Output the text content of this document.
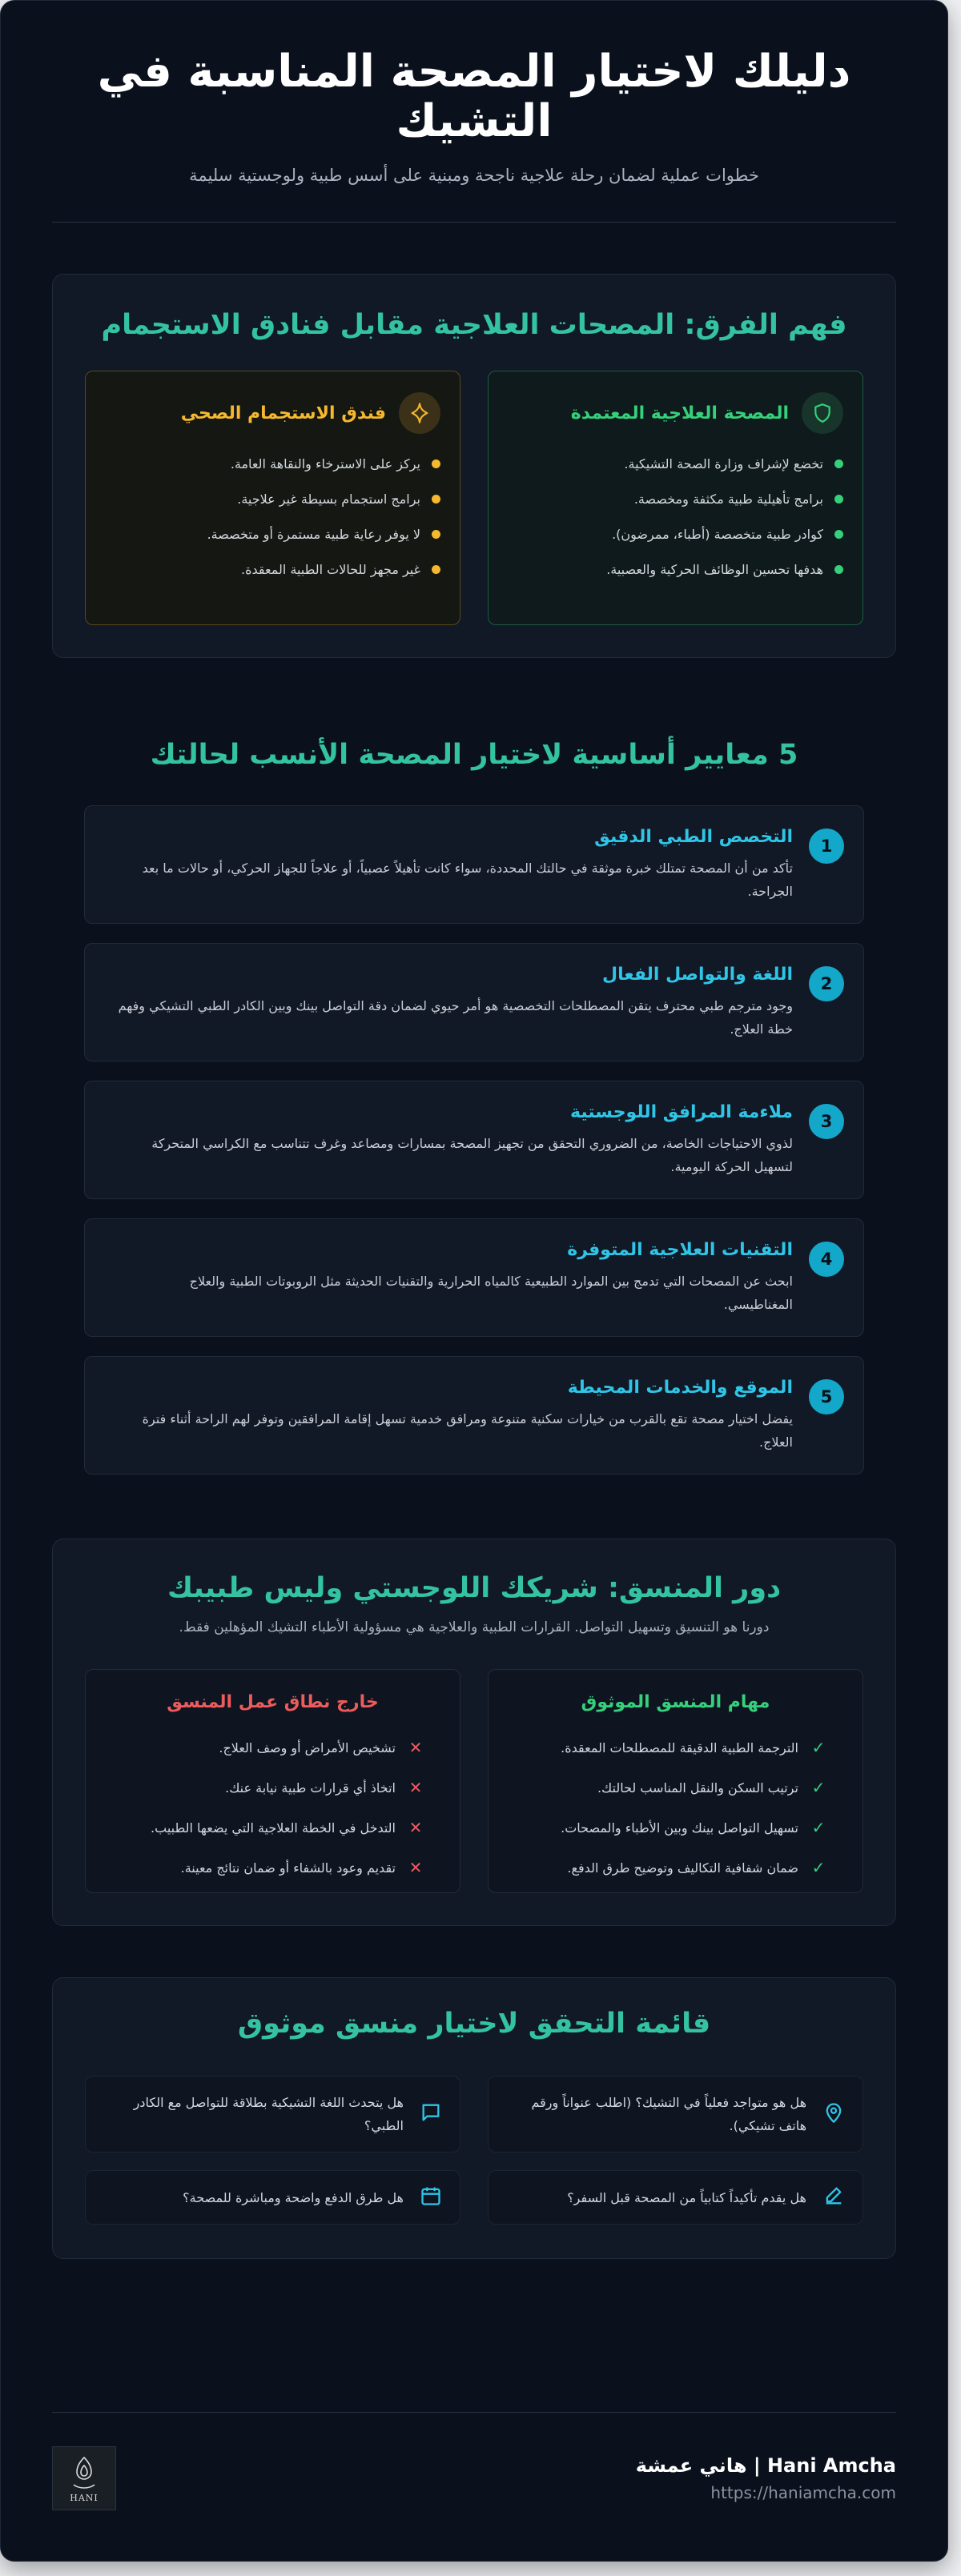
دليلك لاختيار المصحة المناسبة في التشيك

خطوات عملية لضمان رحلة علاجية ناجحة ومبنية على أسس طبية ولوجستية سليمة

فهم الفرق: المصحات العلاجية مقابل فنادق الاستجمام
المصحة العلاجية المعتمدة
تخضع لإشراف وزارة الصحة التشيكية.
برامج تأهيلية طبية مكثفة ومخصصة.
كوادر طبية متخصصة (أطباء، ممرضون).
هدفها تحسين الوظائف الحركية والعصبية.
فندق الاستجمام الصحي
يركز على الاسترخاء والنقاهة العامة.
برامج استجمام بسيطة غير علاجية.
لا يوفر رعاية طبية مستمرة أو متخصصة.
غير مجهز للحالات الطبية المعقدة.
5 معايير أساسية لاختيار المصحة الأنسب لحالتك
1
التخصص الطبي الدقيق

تأكد من أن المصحة تمتلك خبرة موثقة في حالتك المحددة، سواء كانت تأهيلاً عصبياً، أو علاجاً للجهاز الحركي، أو حالات ما بعد الجراحة.

2
اللغة والتواصل الفعال

وجود مترجم طبي محترف يتقن المصطلحات التخصصية هو أمر حيوي لضمان دقة التواصل بينك وبين الكادر الطبي التشيكي وفهم خطة العلاج.

3
ملاءمة المرافق اللوجستية

لذوي الاحتياجات الخاصة، من الضروري التحقق من تجهيز المصحة بمسارات ومصاعد وغرف تتناسب مع الكراسي المتحركة لتسهيل الحركة اليومية.

4
التقنيات العلاجية المتوفرة

ابحث عن المصحات التي تدمج بين الموارد الطبيعية كالمياه الحرارية والتقنيات الحديثة مثل الروبوتات الطبية والعلاج المغناطيسي.

5
الموقع والخدمات المحيطة

يفضل اختيار مصحة تقع بالقرب من خيارات سكنية متنوعة ومرافق خدمية تسهل إقامة المرافقين وتوفر لهم الراحة أثناء فترة العلاج.

دور المنسق: شريكك اللوجستي وليس طبيبك

دورنا هو التنسيق وتسهيل التواصل. القرارات الطبية والعلاجية هي مسؤولية الأطباء التشيك المؤهلين فقط.

مهام المنسق الموثوق
✓
الترجمة الطبية الدقيقة للمصطلحات المعقدة.
✓
ترتيب السكن والنقل المناسب لحالتك.
✓
تسهيل التواصل بينك وبين الأطباء والمصحات.
✓
ضمان شفافية التكاليف وتوضيح طرق الدفع.
خارج نطاق عمل المنسق
✕
تشخيص الأمراض أو وصف العلاج.
✕
اتخاذ أي قرارات طبية نيابة عنك.
✕
التدخل في الخطة العلاجية التي يضعها الطبيب.
✕
تقديم وعود بالشفاء أو ضمان نتائج معينة.
قائمة التحقق لاختيار منسق موثوق

هل هو متواجد فعلياً في التشيك؟ (اطلب عنواناً ورقم هاتف تشيكي).

هل يتحدث اللغة التشيكية بطلاقة للتواصل مع الكادر الطبي؟

هل يقدم تأكيداً كتابياً من المصحة قبل السفر؟

هل طرق الدفع واضحة ومباشرة للمصحة؟

Hani Amcha | هاني عمشة
https://haniamcha.com
HANI
